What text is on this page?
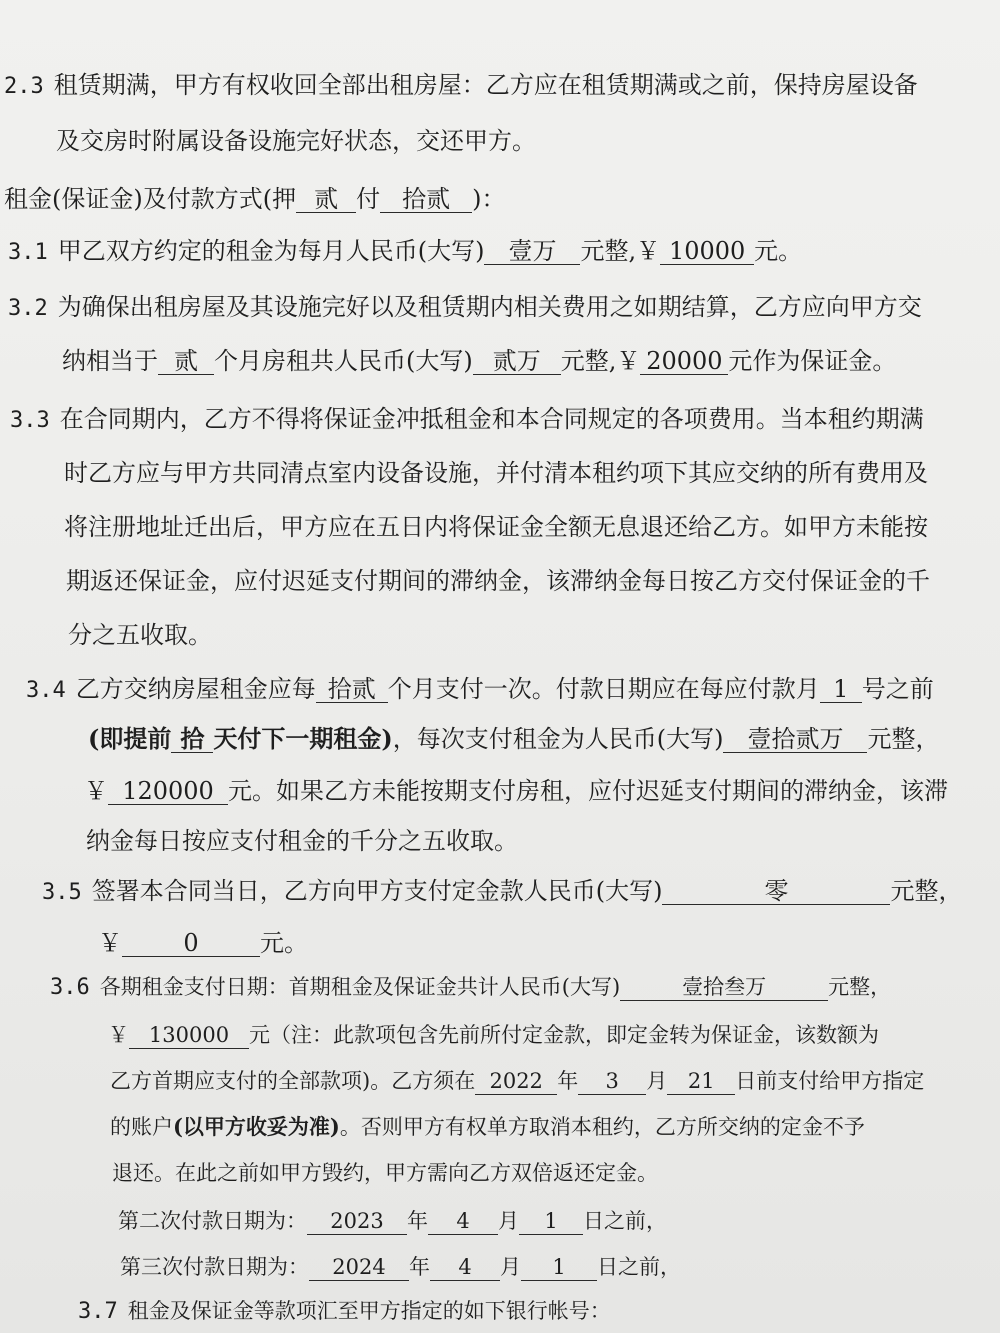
2.3 租赁期满，甲方有权收回全部出租房屋：乙方应在租赁期满或之前，保持房屋设备
及交房时附属设备设施完好状态，交还甲方。
租金(保证金)及付款方式(押 贰 付 拾贰 )：
3.1 甲乙双方约定的租金为每月人民币(大写) 壹万 元整,￥ 10000 元。
3.2 为确保出租房屋及其设施完好以及租赁期内相关费用之如期结算，乙方应向甲方交
纳相当于 贰 个月房租共人民币(大写) 贰万 元整,￥ 20000 元作为保证金。
3.3 在合同期内，乙方不得将保证金冲抵租金和本合同规定的各项费用。当本租约期满
时乙方应与甲方共同清点室内设备设施，并付清本租约项下其应交纳的所有费用及
将注册地址迁出后，甲方应在五日内将保证金全额无息退还给乙方。如甲方未能按
期返还保证金，应付迟延支付期间的滞纳金，该滞纳金每日按乙方交付保证金的千
分之五收取。
3.4 乙方交纳房屋租金应每 拾贰 个月支付一次。付款日期应在每应付款月 1 号之前
(即提前 拾 天付下一期租金)，每次支付租金为人民币(大写) 壹拾贰万 元整，
￥ 120000 元。如果乙方未能按期支付房租，应付迟延支付期间的滞纳金，该滞
纳金每日按应支付租金的千分之五收取。
3.5 签署本合同当日，乙方向甲方支付定金款人民币(大写)	零	元整，
￥	0	元。
3.6 各期租金支付日期：首期租金及保证金共计人民币(大写)	壹拾叁万	元整，
￥ 130000 元（注：此款项包含先前所付定金款，即定金转为保证金，该数额为
乙方首期应支付的全部款项)。乙方须在 2022 年 3 月 21 日前支付给甲方指定
的账户(以甲方收妥为准)。否则甲方有权单方取消本租约，乙方所交纳的定金不予
退还。在此之前如甲方毁约，甲方需向乙方双倍返还定金。
第二次付款日期为： 2023 年 4 月 1 日之前，
第三次付款日期为： 2024 年 4 月 1 日之前，
3.7 租金及保证金等款项汇至甲方指定的如下银行帐号：
